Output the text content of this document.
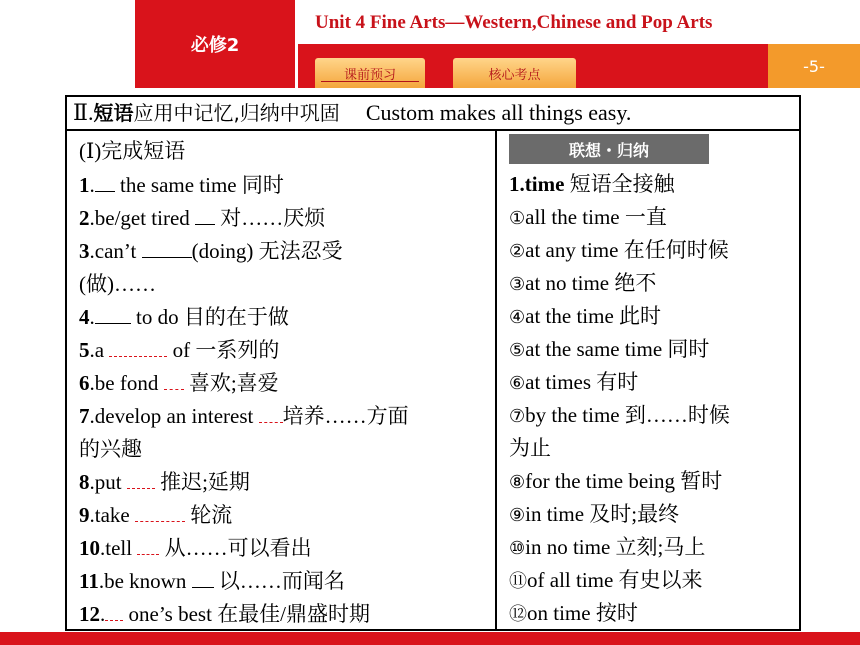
必修2
Unit 4 Fine Arts—Western,Chinese and Pop Arts
课前预习	核心考点	-5-
Ⅱ.短语应用中记忆,归纳中巩固 Custom makes all things easy.
(Ⅰ)完成短语
1. the same time 同时
2.be/get tired  对……厌烦
3.can’t (doing) 无法忍受
(做)……
4. to do 目的在于做
5.a	of 一系列的
6.be fond  喜欢;喜爱
7.develop an interest 培养……方面
的兴趣
8.put  推迟;延期
9.take  轮流
10.tell  从……可以看出
11.be known  以……而闻名
12. one’s best 在最佳/鼎盛时期
联想・归纳
1.time 短语全接触
①all the time 一直
②at any time 在任何时候
③at no time 绝不
④at the time 此时
⑤at the same time 同时
⑥at times 有时
⑦by the time 到……时候
为止
⑧for the time being 暂时
⑨in time 及时;最终
⑩in no time 立刻;马上
⑪of all time 有史以来
⑫on time 按时
